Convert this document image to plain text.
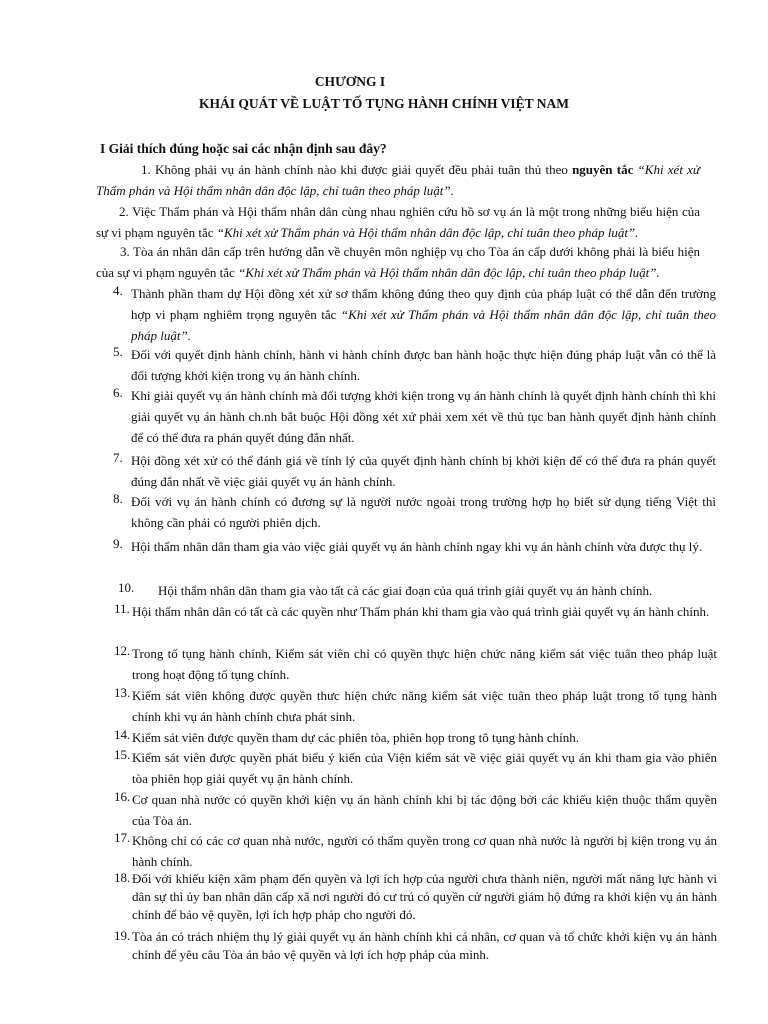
CHƯƠNG I
KHÁI QUÁT VỀ LUẬT TỐ TỤNG HÀNH CHÍNH VIỆT NAM
I Giải thích đúng hoặc sai các nhận định sau đây?
1. Không phải vụ án hành chính nào khi được giải quyết đều phải tuân thủ theo nguyên tắc “Khi xét xử Thẩm phán và Hội thẩm nhân dân độc lập, chỉ tuân theo pháp luật”.
2. Việc Thẩm phán và Hội thẩm nhân dân cùng nhau nghiên cứu hồ sơ vụ án là một trong những biểu hiện của sự vi phạm nguyên tắc “Khi xét xử Thẩm phán và Hội thẩm nhân dân độc lập, chỉ tuân theo pháp luật”.
3. Tòa án nhân dân cấp trên hướng dẫn về chuyên môn nghiệp vụ cho Tòa án cấp dưới không phải là biểu hiện của sự vi phạm nguyên tắc “Khi xét xử Thẩm phán và Hội thẩm nhân dân độc lập, chỉ tuân theo pháp luật”.
4. Thành phần tham dự Hội đồng xét xử sơ thẩm không đúng theo quy định của pháp luật có thể dẫn đến trường hợp vi phạm nghiêm trọng nguyên tắc “Khi xét xử Thẩm phán và Hội thẩm nhân dân độc lập, chỉ tuân theo pháp luật”.
5. Đối với quyết định hành chính, hành vi hành chính được ban hành hoặc thực hiện đúng pháp luật vẫn có thể là đối tượng khởi kiện trong vụ án hành chính.
6. Khi giải quyết vụ án hành chính mà đối tượng khởi kiện trong vụ án hành chính là quyết định hành chính thì khi giải quyết vụ án hành ch.nh bắt buộc Hội đồng xét xử phải xem xét về thủ tục ban hành quyết định hành chính để có thể đưa ra phán quyết đúng đắn nhất.
7. Hội đồng xét xử có thể đánh giá về tính lý của quyết định hành chính bị khởi kiện để có thể đưa ra phán quyết đúng đắn nhất về việc giải quyết vụ án hành chính.
8. Đối với vụ án hành chính có đương sự là người nước ngoài trong trường hợp họ biết sử dụng tiếng Việt thì không cần phải có người phiên dịch.
9. Hội thẩm nhân dân tham gia vào việc giải quyết vụ án hành chính ngay khi vụ án hành chính vừa được thụ lý.
10.	Hội thẩm nhân dân tham gia vào tất cả các giai đoạn của quá trình giải quyết vụ án hành chính.
11. Hội thẩm nhân dân có tất cà các quyền như Thẩm phán khi tham gia vào quá trình giải quyết vụ án hành chính.
12. Trong tố tụng hành chính, Kiểm sát viên chỉ có quyền thực hiện chức năng kiểm sát việc tuân theo pháp luật trong hoạt động tố tụng chính.
13. Kiểm sát viên không được quyền thưc hiện chức năng kiểm sát việc tuân theo pháp luật trong tổ tụng hành chính khi vụ án hành chính chưa phát sinh.
14. Kiểm sát viên được quyền tham dự các phiên tòa, phiên họp trong tô tụng hành chính.
15. Kiểm sát viên được quyền phát biểu ý kiến của Viện kiểm sát về việc giải quyết vụ án khi tham gia vào phiên tòa phiên họp giải quyết vụ ặn hành chính.
16. Cơ quan nhà nước có quyền khởi kiện vụ án hành chính khi bị tác động bởi các khiếu kiện thuộc thẩm quyền của Tòa án.
17. Không chỉ có các cơ quan nhà nước, người có thẩm quyền trong cơ quan nhà nước là người bị kiện trong vụ án hành chính.
18. Đối với khiếu kiện xâm phạm đến quyền và lợi ích hợp của người chưa thành niên, người mất năng lực hành vi dân sự thì ủy ban nhân dân cấp xã nơi người đó cư trú có quyền cử người giám hộ đứng ra khởi kiện vụ án hành chính để bảo vệ quyền, lợi ích hợp pháp cho người đó.
19. Tòa án có trách nhiệm thụ lý giải quyết vụ án hành chính khi cá nhân, cơ quan và tổ chức khởi kiện vụ án hành chính để yêu câu Tòa án bảo vệ quyền và lợi ích hợp pháp của mình.
